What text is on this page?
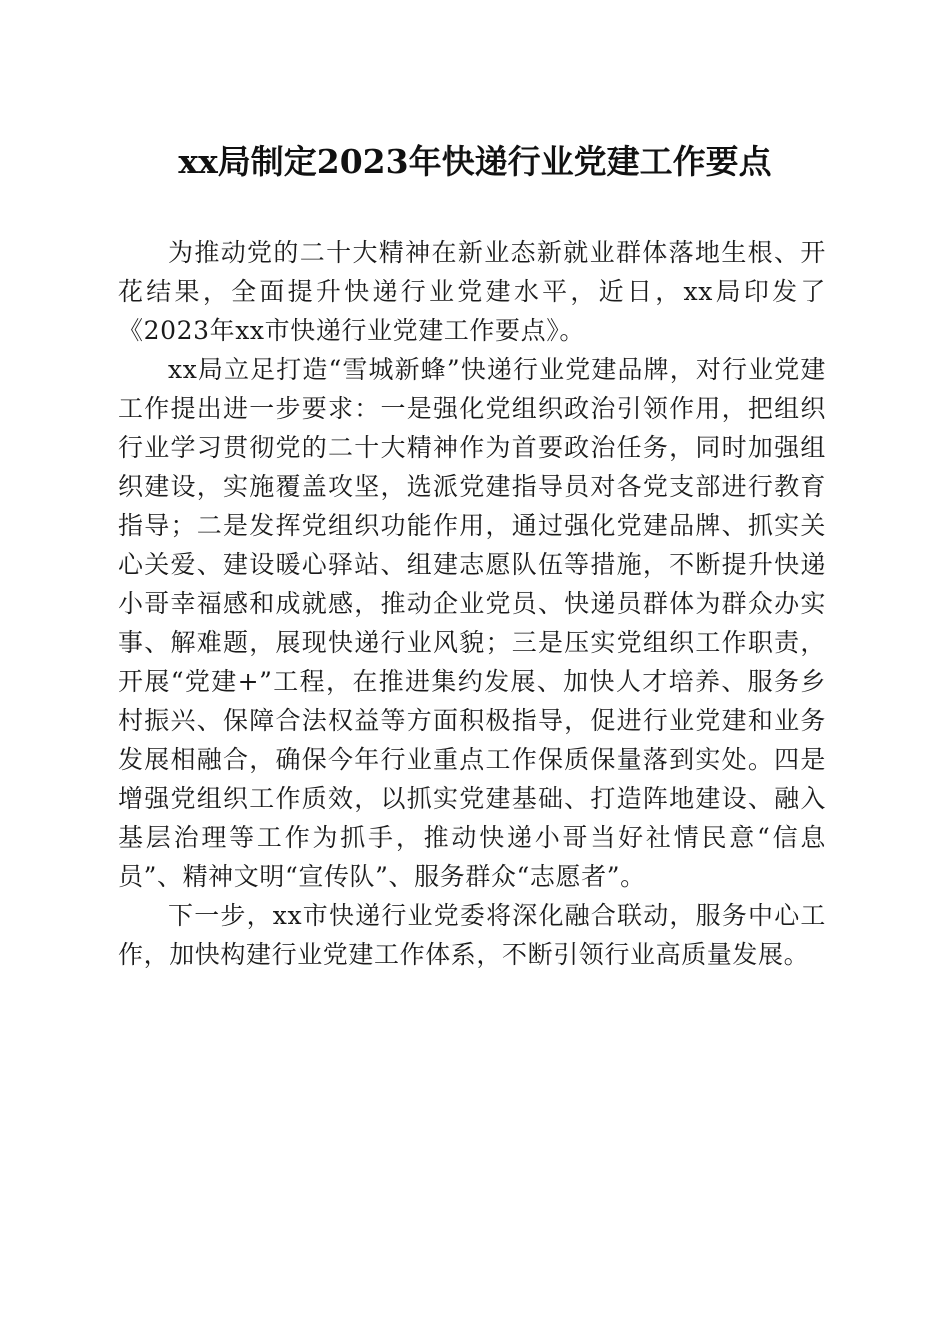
xx局制定2023年快递行业党建工作要点

为推动党的二十大精神在新业态新就业群体落地生根、开花结果，全面提升快递行业党建水平，近日，xx局印发了《2023年xx市快递行业党建工作要点》。

xx局立足打造“雪城新蜂”快递行业党建品牌，对行业党建工作提出进一步要求：一是强化党组织政治引领作用，把组织行业学习贯彻党的二十大精神作为首要政治任务，同时加强组织建设，实施覆盖攻坚，选派党建指导员对各党支部进行教育指导；二是发挥党组织功能作用，通过强化党建品牌、抓实关心关爱、建设暖心驿站、组建志愿队伍等措施，不断提升快递小哥幸福感和成就感，推动企业党员、快递员群体为群众办实事、解难题，展现快递行业风貌；三是压实党组织工作职责，开展“党建+”工程，在推进集约发展、加快人才培养、服务乡村振兴、保障合法权益等方面积极指导，促进行业党建和业务发展相融合，确保今年行业重点工作保质保量落到实处。四是增强党组织工作质效，以抓实党建基础、打造阵地建设、融入基层治理等工作为抓手，推动快递小哥当好社情民意“信息员”、精神文明“宣传队”、服务群众“志愿者”。

下一步，xx市快递行业党委将深化融合联动，服务中心工作，加快构建行业党建工作体系，不断引领行业高质量发展。
